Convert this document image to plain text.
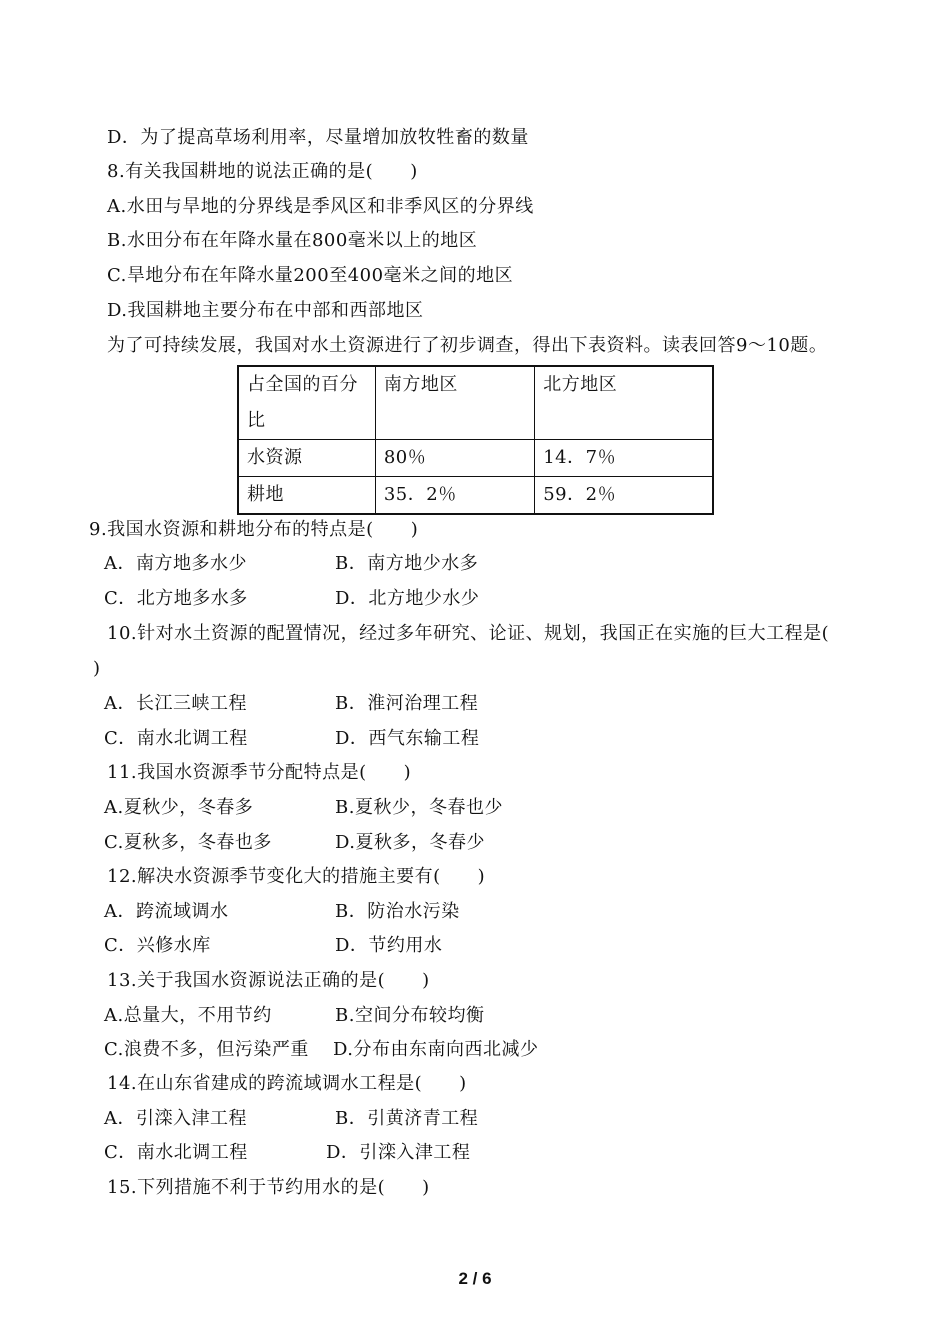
D．为了提高草场利用率，尽量增加放牧牲畜的数量
8.有关我国耕地的说法正确的是(　　)
A.水田与旱地的分界线是季风区和非季风区的分界线
B.水田分布在年降水量在800毫米以上的地区
C.旱地分布在年降水量200至400毫米之间的地区
D.我国耕地主要分布在中部和西部地区
为了可持续发展，我国对水土资源进行了初步调查，得出下表资料。读表回答9～10题。
占全国的百分比	南方地区	北方地区
水资源	80％	14．7％
耕地	35．2％	59．2％
9.我国水资源和耕地分布的特点是(　　)
A．南方地多水少	B．南方地少水多
C．北方地多水多	D．北方地少水少
10.针对水土资源的配置情况，经过多年研究、论证、规划，我国正在实施的巨大工程是(
)
A．长江三峡工程	B．淮河治理工程
C．南水北调工程	D．西气东输工程
11.我国水资源季节分配特点是(　　)
A.夏秋少，冬春多	B.夏秋少，冬春也少
C.夏秋多，冬春也多	D.夏秋多，冬春少
12.解决水资源季节变化大的措施主要有(　　)
A．跨流域调水	B．防治水污染
C．兴修水库	D．节约用水
13.关于我国水资源说法正确的是(　　)
A.总量大，不用节约	B.空间分布较均衡
C.浪费不多，但污染严重 D.分布由东南向西北减少
14.在山东省建成的跨流域调水工程是(　　)
A．引滦入津工程	B．引黄济青工程
C．南水北调工程	D．引滦入津工程
15.下列措施不利于节约用水的是(　　)
2 / 6
